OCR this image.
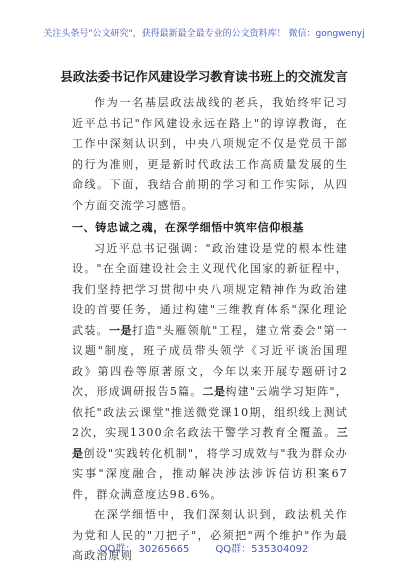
关注头条号"公文研究"，获得最新最全最专业的公文资料库！ 微信：gongwenyj
县政法委书记作风建设学习教育读书班上的交流发言

作为一名基层政法战线的老兵，我始终牢记习近平总书记"作风建设永远在路上"的谆谆教诲，在工作中深刻认识到，中央八项规定不仅是党员干部的行为准则，更是新时代政法工作高质量发展的生命线。下面，我结合前期的学习和工作实际，从四个方面交流学习感悟。

一、铸忠诚之魂，在深学细悟中筑牢信仰根基

习近平总书记强调："政治建设是党的根本性建设。"在全面建设社会主义现代化国家的新征程中，我们坚持把学习贯彻中央八项规定精神作为政治建设的首要任务，通过构建"三维教育体系"深化理论武装。一是打造"头雁领航"工程，建立常委会"第一议题"制度，班子成员带头领学《习近平谈治国理政》第四卷等原著原文，今年以来开展专题研讨2次，形成调研报告5篇。二是构建"云端学习矩阵"，依托"政法云课堂"推送微党课10期，组织线上测试2次，实现1300余名政法干警学习教育全覆盖。三是创设"实践转化机制"，将学习成效与"我为群众办实事"深度融合，推动解决涉法涉诉信访积案67件，群众满意度达98.6%。

在深学细悟中，我们深刻认识到，政法机关作为党和人民的"刀把子"，必须把"两个维护"作为最高政治原则

QQ群： 30265665	QQ群：535304092
